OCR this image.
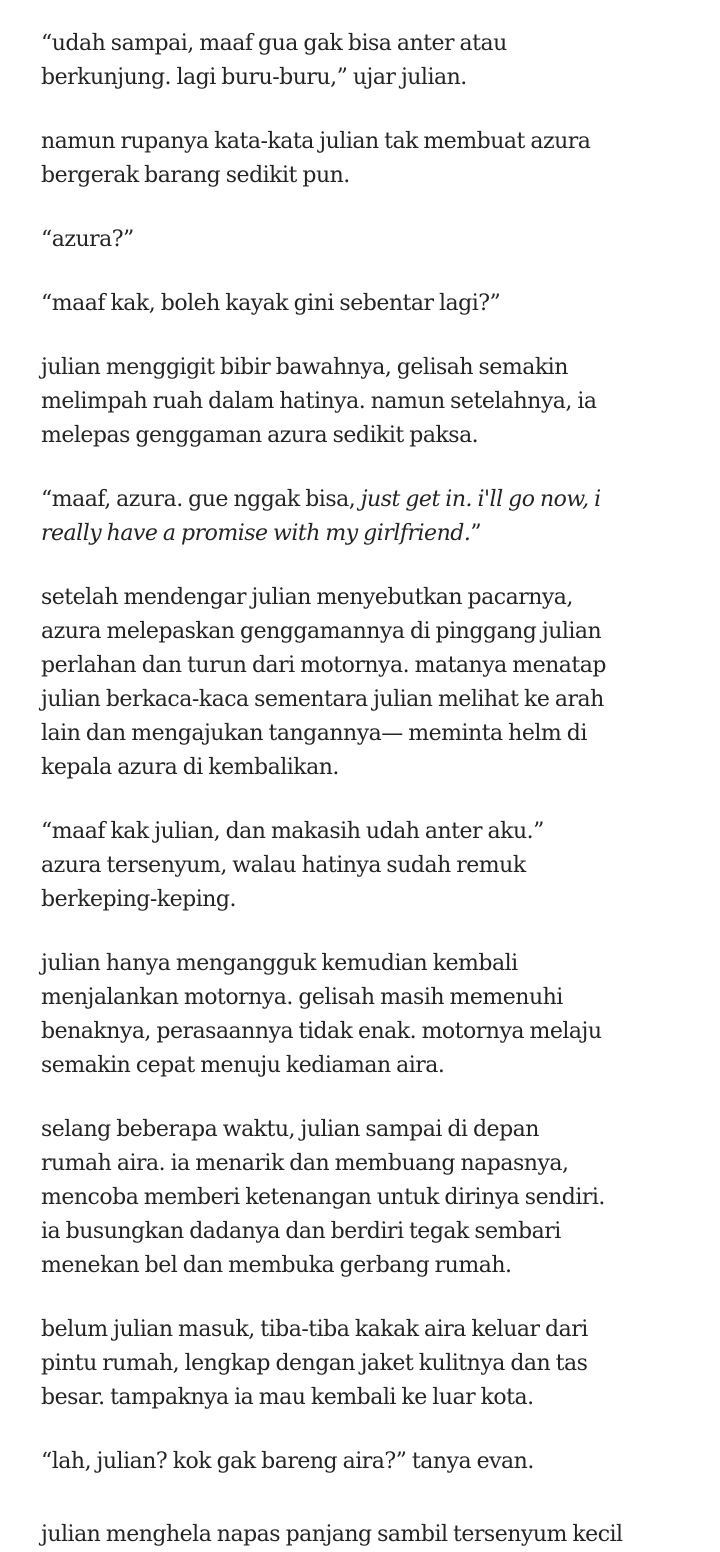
“udah sampai, maaf gua gak bisa anter atau
berkunjung. lagi buru-buru,” ujar julian.

namun rupanya kata-kata julian tak membuat azura
bergerak barang sedikit pun.

“azura?”

“maaf kak, boleh kayak gini sebentar lagi?”

julian menggigit bibir bawahnya, gelisah semakin
melimpah ruah dalam hatinya. namun setelahnya, ia
melepas genggaman azura sedikit paksa.

“maaf, azura. gue nggak bisa, just get in. i'll go now, i
really have a promise with my girlfriend.”

setelah mendengar julian menyebutkan pacarnya,
azura melepaskan genggamannya di pinggang julian
perlahan dan turun dari motornya. matanya menatap
julian berkaca-kaca sementara julian melihat ke arah
lain dan mengajukan tangannya— meminta helm di
kepala azura di kembalikan.

“maaf kak julian, dan makasih udah anter aku.”
azura tersenyum, walau hatinya sudah remuk
berkeping-keping.

julian hanya mengangguk kemudian kembali
menjalankan motornya. gelisah masih memenuhi
benaknya, perasaannya tidak enak. motornya melaju
semakin cepat menuju kediaman aira.

selang beberapa waktu, julian sampai di depan
rumah aira. ia menarik dan membuang napasnya,
mencoba memberi ketenangan untuk dirinya sendiri.
ia busungkan dadanya dan berdiri tegak sembari
menekan bel dan membuka gerbang rumah.

belum julian masuk, tiba-tiba kakak aira keluar dari
pintu rumah, lengkap dengan jaket kulitnya dan tas
besar. tampaknya ia mau kembali ke luar kota.

“lah, julian? kok gak bareng aira?” tanya evan.

julian menghela napas panjang sambil tersenyum kecil
